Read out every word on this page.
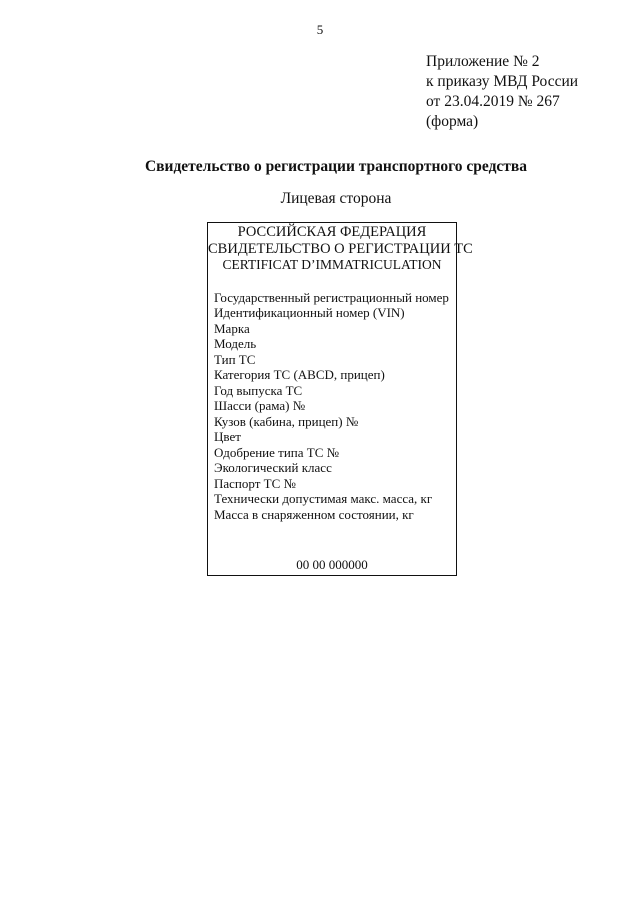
5
Приложение № 2
к приказу МВД России
от 23.04.2019 № 267
(форма)
Свидетельство о регистрации транспортного средства
Лицевая сторона
РОССИЙСКАЯ ФЕДЕРАЦИЯ
СВИДЕТЕЛЬСТВО О РЕГИСТРАЦИИ ТС
CERTIFICAT D’IMMATRICULATION
Государственный регистрационный номер
Идентификационный номер (VIN)
Марка
Модель
Тип ТС
Категория ТС (ABCD, прицеп)
Год выпуска ТС
Шасси (рама) №
Кузов (кабина, прицеп) №
Цвет
Одобрение типа ТС №
Экологический класс
Паспорт ТС №
Технически допустимая макс. масса, кг
Масса в снаряженном состоянии, кг
00 00 000000
